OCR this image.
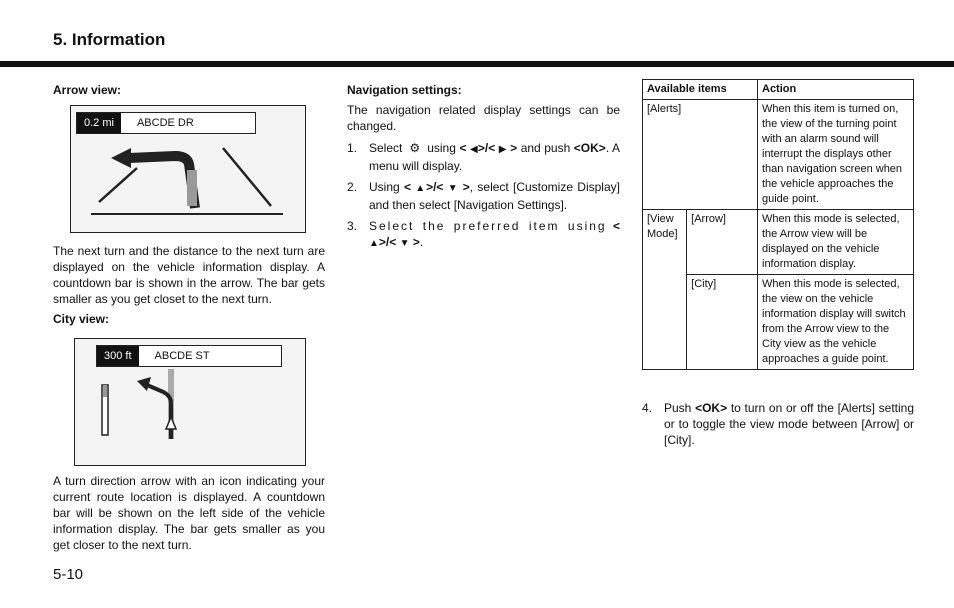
5. Information
Arrow view:
0.2 mi ABCDE DR

The next turn and the distance to the next turn are displayed on the vehicle information display. A countdown bar is shown in the arrow. The bar gets smaller as you get closet to the next turn.

City view:
300 ft ABCDE ST

A turn direction arrow with an icon indicating your current route location is displayed. A countdown bar will be shown on the left side of the vehicle information display. The bar gets smaller as you get closer to the next turn.

Navigation settings:

The navigation related display settings can be changed.

1. Select  ⚙  using < ◀>/< ▶ > and push <OK>. A menu will display.
2. Using < ▲>/< ▼ >, select [Customize Display] and then select [Navigation Settings].
3. Select the preferred item using < ▲>/< ▼ >.
Available items		Action
[Alerts]		When this item is turned on, the view of the turning point with an alarm sound will interrupt the displays other than navigation screen when the vehicle approaches the guide point.
[View Mode]	[Arrow]	When this mode is selected, the Arrow view will be displayed on the vehicle information display.
	[City]	When this mode is selected, the view on the vehicle information display will switch from the Arrow view to the City view as the vehicle approaches a guide point.
4. Push <OK> to turn on or off the [Alerts] setting or to toggle the view mode between [Arrow] or [City].
5-10
